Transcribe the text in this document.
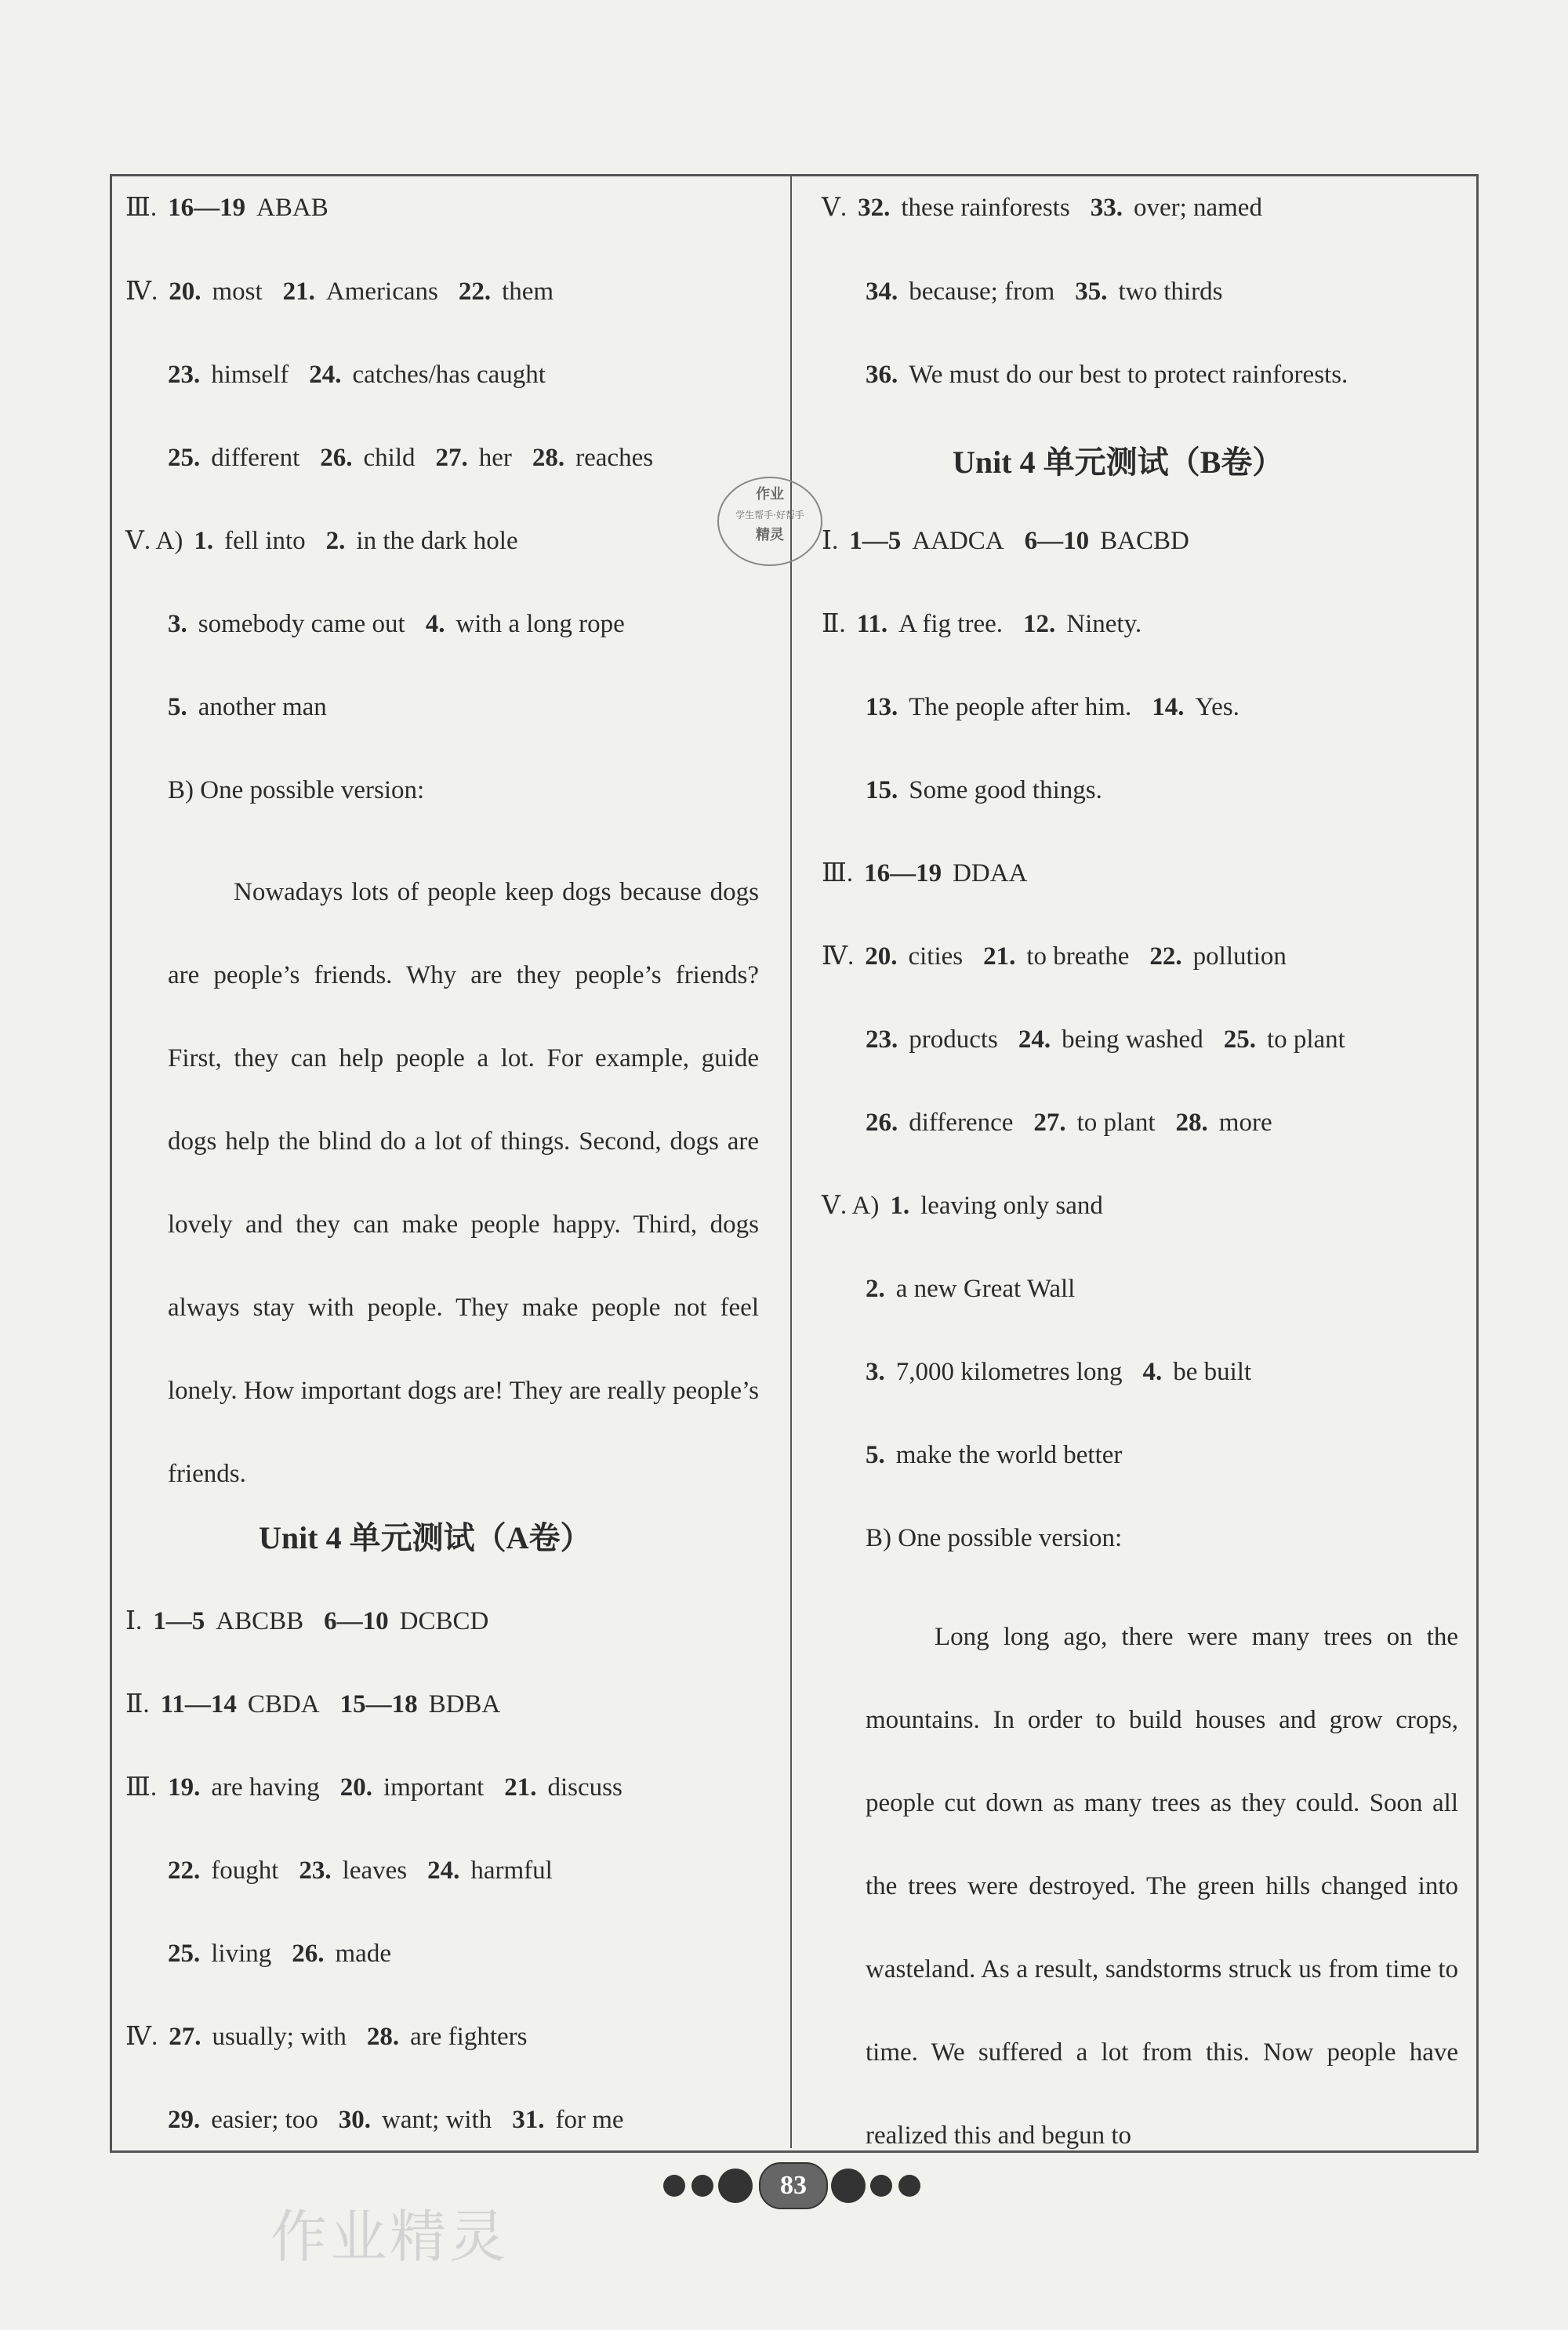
Ⅲ. 16—19 ABAB
Ⅳ. 20. most 21. Americans 22. them
23. himself 24. catches/has caught
25. different 26. child 27. her 28. reaches
Ⅴ. A) 1. fell into 2. in the dark hole
3. somebody came out 4. with a long rope
5. another man
B) One possible version:
Nowadays lots of people keep dogs because dogs are people’s friends. Why are they people’s friends? First, they can help people a lot. For example, guide dogs help the blind do a lot of things. Second, dogs are lovely and they can make people happy. Third, dogs always stay with people. They make people not feel lonely. How important dogs are! They are really people’s friends.
Unit 4 单元测试（A卷）
Ⅰ. 1—5 ABCBB 6—10 DCBCD
Ⅱ. 11—14 CBDA 15—18 BDBA
Ⅲ. 19. are having 20. important 21. discuss
22. fought 23. leaves 24. harmful
25. living 26. made
Ⅳ. 27. usually; with 28. are fighters
29. easier; too 30. want; with 31. for me
Ⅴ. 32. these rainforests 33. over; named
34. because; from 35. two thirds
36. We must do our best to protect rainforests.
Unit 4 单元测试（B卷）
Ⅰ. 1—5 AADCA 6—10 BACBD
Ⅱ. 11. A fig tree. 12. Ninety.
13. The people after him. 14. Yes.
15. Some good things.
Ⅲ. 16—19 DDAA
Ⅳ. 20. cities 21. to breathe 22. pollution
23. products 24. being washed 25. to plant
26. difference 27. to plant 28. more
Ⅴ. A) 1. leaving only sand
2. a new Great Wall
3. 7,000 kilometres long 4. be built
5. make the world better
B) One possible version:
Long long ago, there were many trees on the mountains. In order to build houses and grow crops, people cut down as many trees as they could. Soon all the trees were destroyed. The green hills changed into wasteland. As a result, sandstorms struck us from time to time. We suffered a lot from this. Now people have realized this and begun to
作业
学生帮手·好帮手
精灵
83
作业精灵
